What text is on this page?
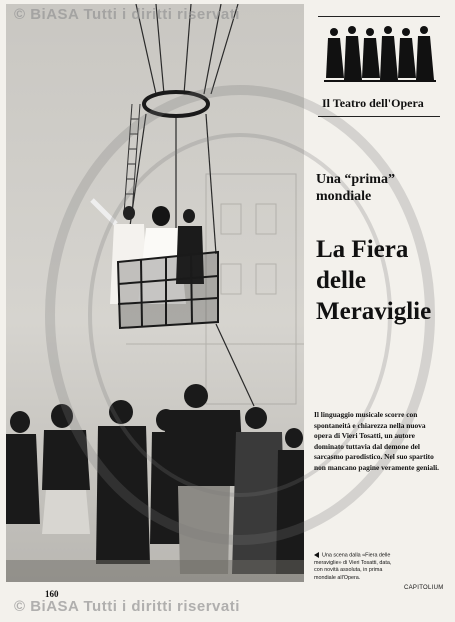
© BiASA Tutti i diritti riservati
Il Teatro dell'Opera
Una “prima”
mondiale
La Fiera
delle
Meraviglie
Il linguaggio musicale scorre con spontaneità e chiarezza nella nuova opera di Vieri Tosatti, un autore dominato tuttavia dal demone del sarcasmo parodistico. Nel suo spartito non mancano pagine veramente geniali.
Una scena dalla «Fiera delle meraviglie» di Vieri Tosatti, data, con novità assoluta, in prima mondiale all'Opera.
160
CAPITOLIUM
© BiASA Tutti i diritti riservati
